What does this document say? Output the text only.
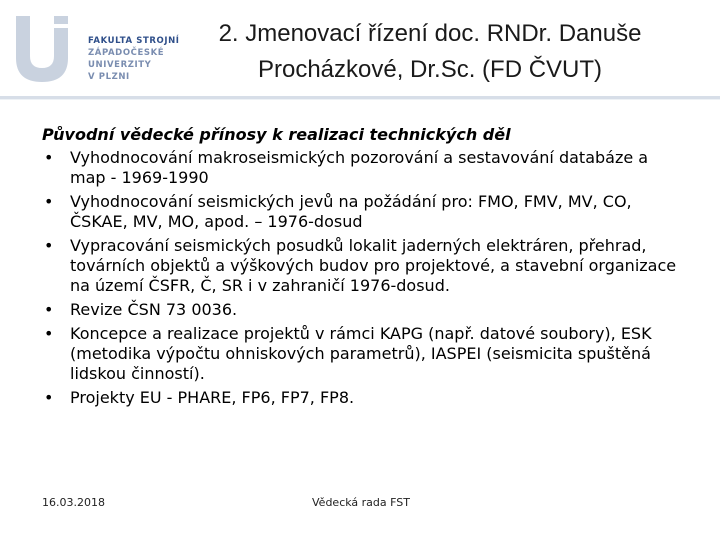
FAKULTA STROJNÍ
ZÁPADOČESKÉ
UNIVERZITY
V PLZNI
2. Jmenovací řízení doc. RNDr. Danuše
Procházkové, Dr.Sc. (FD ČVUT)
Původní vědecké přínosy k realizaci technických děl
• Vyhodnocování makroseismických pozorování a sestavování databáze a map - 1969-1990
• Vyhodnocování seismických jevů na požádání pro: FMO, FMV, MV, CO, ČSKAE, MV, MO, apod. – 1976-dosud
• Vypracování seismických posudků lokalit jaderných elektráren, přehrad, továrních objektů a výškových budov pro projektové, a stavební organizace na území ČSFR, Č, SR i v zahraničí 1976-dosud.
• Revize ČSN 73 0036.
• Koncepce a realizace projektů v rámci KAPG (např. datové soubory), ESK (metodika výpočtu ohniskových parametrů), IASPEI (seismicita spuštěná lidskou činností).
• Projekty EU - PHARE, FP6, FP7, FP8.
16.03.2018	Vědecká rada FST
